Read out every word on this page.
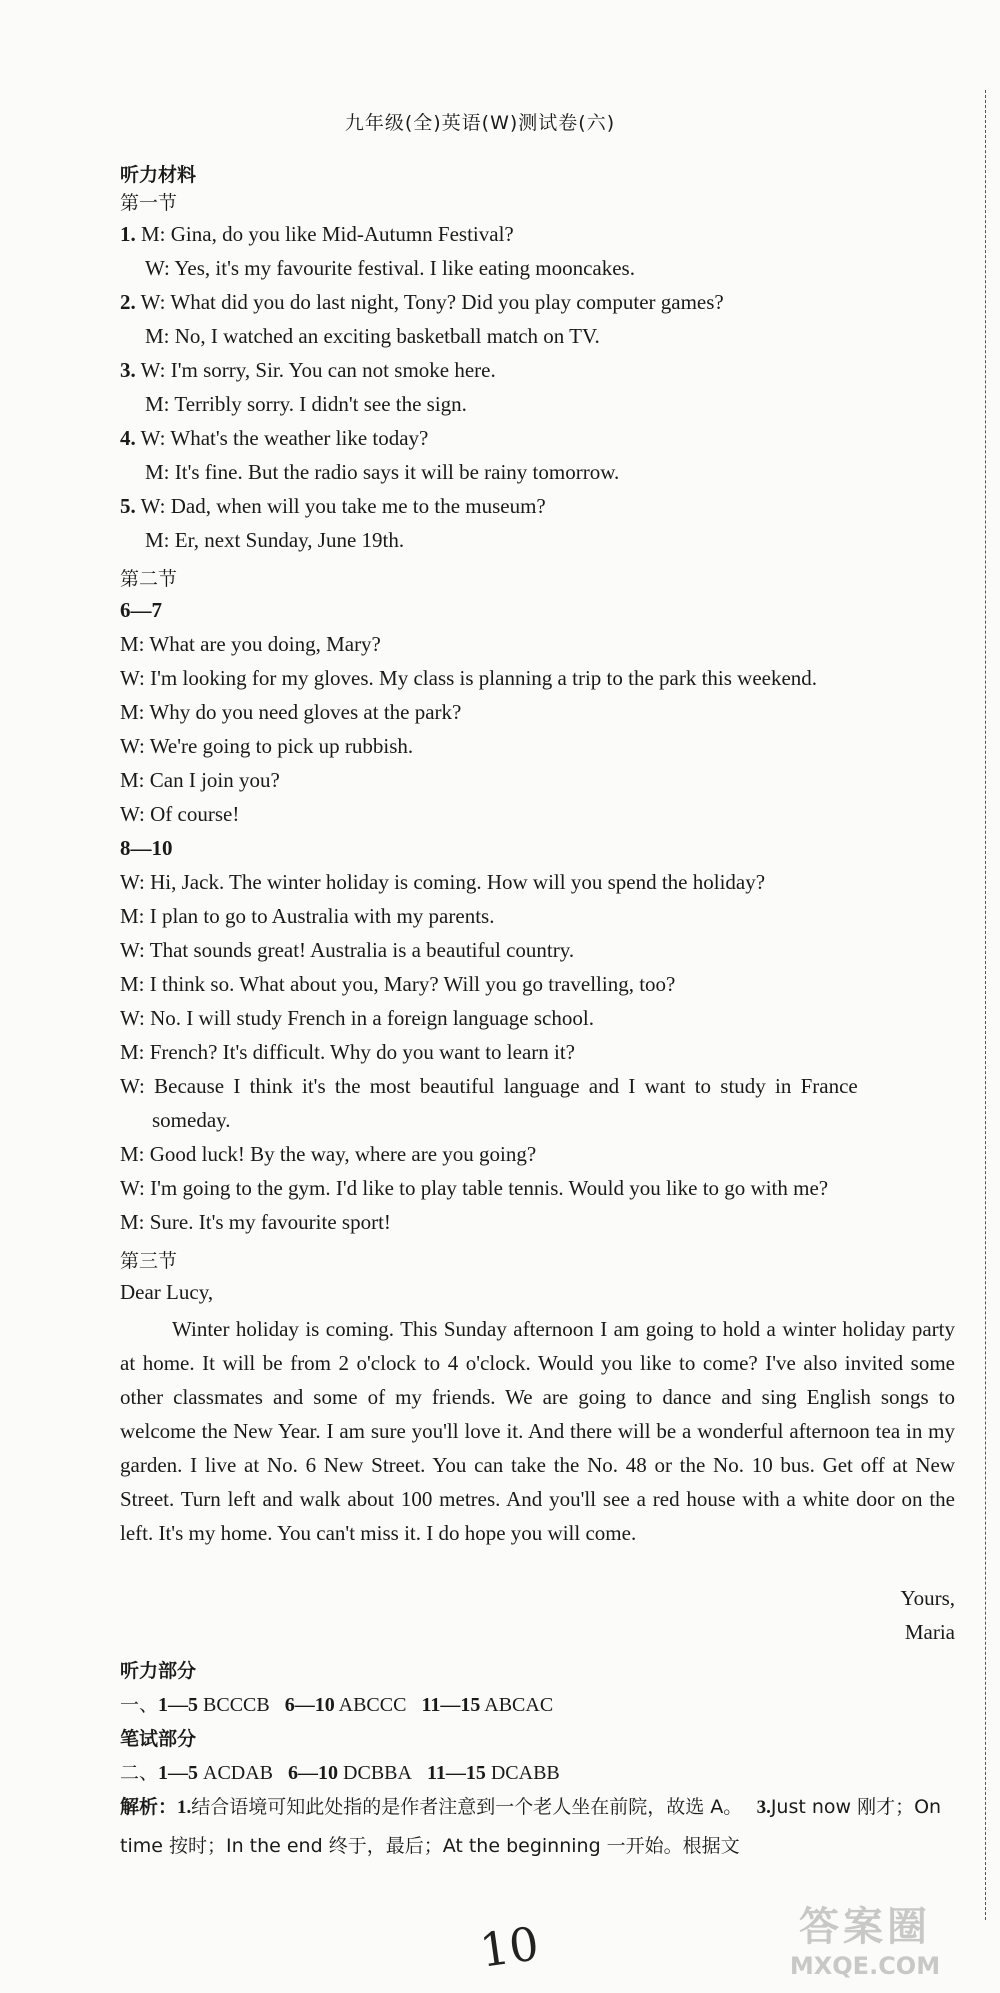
九年级(全)英语(W)测试卷(六)
听力材料
第一节
1. M: Gina, do you like Mid-Autumn Festival?
W: Yes, it's my favourite festival. I like eating mooncakes.
2. W: What did you do last night, Tony? Did you play computer games?
M: No, I watched an exciting basketball match on TV.
3. W: I'm sorry, Sir. You can not smoke here.
M: Terribly sorry. I didn't see the sign.
4. W: What's the weather like today?
M: It's fine. But the radio says it will be rainy tomorrow.
5. W: Dad, when will you take me to the museum?
M: Er, next Sunday, June 19th.
第二节
6—7
M: What are you doing, Mary?
W: I'm looking for my gloves. My class is planning a trip to the park this weekend.
M: Why do you need gloves at the park?
W: We're going to pick up rubbish.
M: Can I join you?
W: Of course!
8—10
W: Hi, Jack. The winter holiday is coming. How will you spend the holiday?
M: I plan to go to Australia with my parents.
W: That sounds great! Australia is a beautiful country.
M: I think so. What about you, Mary? Will you go travelling, too?
W: No. I will study French in a foreign language school.
M: French? It's difficult. Why do you want to learn it?
W: Because I think it's the most beautiful language and I want to study in France
someday.
M: Good luck! By the way, where are you going?
W: I'm going to the gym. I'd like to play table tennis. Would you like to go with me?
M: Sure. It's my favourite sport!
第三节
Dear Lucy,
Winter holiday is coming. This Sunday afternoon I am going to hold a winter holiday party at home. It will be from 2 o'clock to 4 o'clock. Would you like to come? I've also invited some other classmates and some of my friends. We are going to dance and sing English songs to welcome the New Year. I am sure you'll love it. And there will be a wonderful afternoon tea in my garden. I live at No. 6 New Street. You can take the No. 48 or the No. 10 bus. Get off at New Street. Turn left and walk about 100 metres. And you'll see a red house with a white door on the left. It's my home. You can't miss it. I do hope you will come.
Yours,
Maria
听力部分
一、1—5 BCCCB 6—10 ABCCC 11—15 ABCAC
笔试部分
二、1—5 ACDAB 6—10 DCBBA 11—15 DCABB
解析：1.结合语境可知此处指的是作者注意到一个老人坐在前院，故选 A。 3.Just now 刚才；On time 按时；In the end 终于，最后；At the beginning 一开始。根据文
10	答案圈
MXQE.COM
